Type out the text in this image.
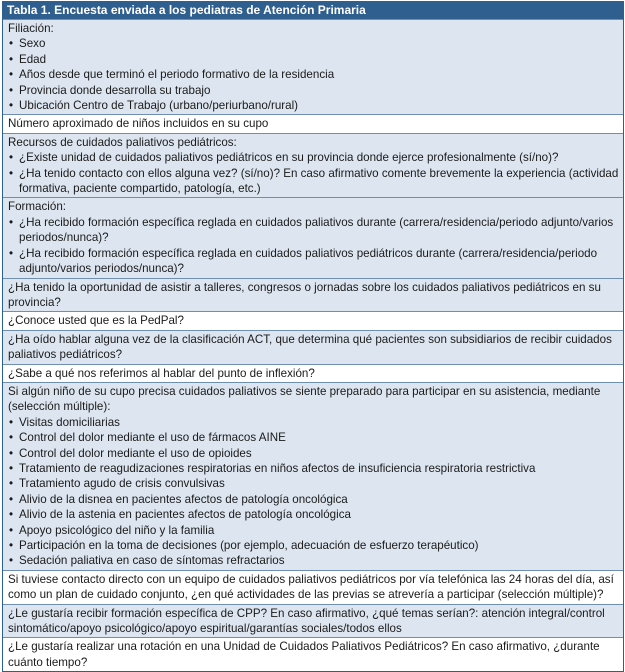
Tabla 1. Encuesta enviada a los pediatras de Atención Primaria
Filiación:
• Sexo
• Edad
• Años desde que terminó el periodo formativo de la residencia
• Provincia donde desarrolla su trabajo
• Ubicación Centro de Trabajo (urbano/periurbano/rural)
Número aproximado de niños incluidos en su cupo
Recursos de cuidados paliativos pediátricos:
• ¿Existe unidad de cuidados paliativos pediátricos en su provincia donde ejerce profesionalmente (sí/no)?
• ¿Ha tenido contacto con ellos alguna vez? (sí/no)? En caso afirmativo comente brevemente la experiencia (actividad formativa, paciente compartido, patología, etc.)
Formación:
• ¿Ha recibido formación específica reglada en cuidados paliativos durante (carrera/residencia/periodo adjunto/varios periodos/nunca)?
• ¿Ha recibido formación específica reglada en cuidados paliativos pediátricos durante (carrera/residencia/periodo adjunto/varios periodos/nunca)?
¿Ha tenido la oportunidad de asistir a talleres, congresos o jornadas sobre los cuidados paliativos pediátricos en su provincia?
¿Conoce usted que es la PedPal?
¿Ha oído hablar alguna vez de la clasificación ACT, que determina qué pacientes son subsidiarios de recibir cuidados paliativos pediátricos?
¿Sabe a qué nos referimos al hablar del punto de inflexión?
Si algún niño de su cupo precisa cuidados paliativos se siente preparado para participar en su asistencia, mediante (selección múltiple):
• Visitas domiciliarias
• Control del dolor mediante el uso de fármacos AINE
• Control del dolor mediante el uso de opioides
• Tratamiento de reagudizaciones respiratorias en niños afectos de insuficiencia respiratoria restrictiva
• Tratamiento agudo de crisis convulsivas
• Alivio de la disnea en pacientes afectos de patología oncológica
• Alivio de la astenia en pacientes afectos de patología oncológica
• Apoyo psicológico del niño y la familia
• Participación en la toma de decisiones (por ejemplo, adecuación de esfuerzo terapéutico)
• Sedación paliativa en caso de síntomas refractarios
Si tuviese contacto directo con un equipo de cuidados paliativos pediátricos por vía telefónica las 24 horas del día, así como un plan de cuidado conjunto, ¿en qué actividades de las previas se atrevería a participar (selección múltiple)?
¿Le gustaría recibir formación específica de CPP? En caso afirmativo, ¿qué temas serían?: atención integral/control sintomático/apoyo psicológico/apoyo espiritual/garantías sociales/todos ellos
¿Le gustaría realizar una rotación en una Unidad de Cuidados Paliativos Pediátricos? En caso afirmativo, ¿durante cuánto tiempo?
